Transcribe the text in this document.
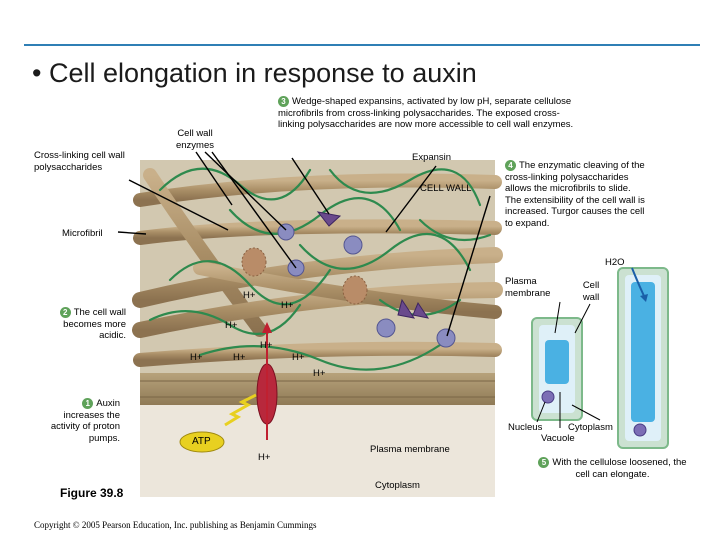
• Cell elongation in response to auxin
Cross-linking cell wall polysaccharides
Cell wall enzymes
3 Wedge-shaped expansins, activated by low pH, separate cellulose microfibrils from cross-linking polysaccharides. The exposed cross-linking polysaccharides are now more accessible to cell wall enzymes.
Expansin
CELL WALL
4 The enzymatic cleaving of the cross-linking polysaccharides allows the microfibrils to slide. The extensibility of the cell wall is increased. Turgor causes the cell to expand.
Microfibril
2 The cell wall becomes more acidic.
1 Auxin increases the activity of proton pumps.
H+
H+
H+
H+
H+	H+	H+
H+
H+
ATP
Plasma membrane
Cytoplasm
H2O
Plasma membrane
Cell wall
Nucleus	Cytoplasm
Vacuole
5 With the cellulose loosened, the cell can elongate.
Figure 39.8
Copyright © 2005 Pearson Education, Inc. publishing as Benjamin Cummings
